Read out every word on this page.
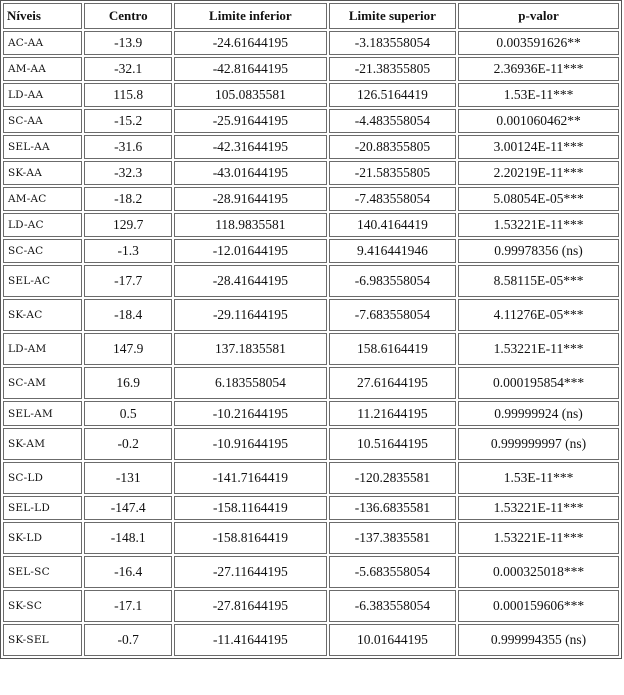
Níveis	Centro	Limite inferior	Limite superior	p-valor
AC-AA	-13.9	-24.61644195	-3.183558054	0.003591626**
AM-AA	-32.1	-42.81644195	-21.38355805	2.36936E-11***
LD-AA	115.8	105.0835581	126.5164419	1.53E-11***
SC-AA	-15.2	-25.91644195	-4.483558054	0.001060462**
SEL-AA	-31.6	-42.31644195	-20.88355805	3.00124E-11***
SK-AA	-32.3	-43.01644195	-21.58355805	2.20219E-11***
AM-AC	-18.2	-28.91644195	-7.483558054	5.08054E-05***
LD-AC	129.7	118.9835581	140.4164419	1.53221E-11***
SC-AC	-1.3	-12.01644195	9.416441946	0.99978356 (ns)
SEL-AC	-17.7	-28.41644195	-6.983558054	8.58115E-05***
SK-AC	-18.4	-29.11644195	-7.683558054	4.11276E-05***
LD-AM	147.9	137.1835581	158.6164419	1.53221E-11***
SC-AM	16.9	6.183558054	27.61644195	0.000195854***
SEL-AM	0.5	-10.21644195	11.21644195	0.99999924 (ns)
SK-AM	-0.2	-10.91644195	10.51644195	0.999999997 (ns)
SC-LD	-131	-141.7164419	-120.2835581	1.53E-11***
SEL-LD	-147.4	-158.1164419	-136.6835581	1.53221E-11***
SK-LD	-148.1	-158.8164419	-137.3835581	1.53221E-11***
SEL-SC	-16.4	-27.11644195	-5.683558054	0.000325018***
SK-SC	-17.1	-27.81644195	-6.383558054	0.000159606***
SK-SEL	-0.7	-11.41644195	10.01644195	0.999994355 (ns)
